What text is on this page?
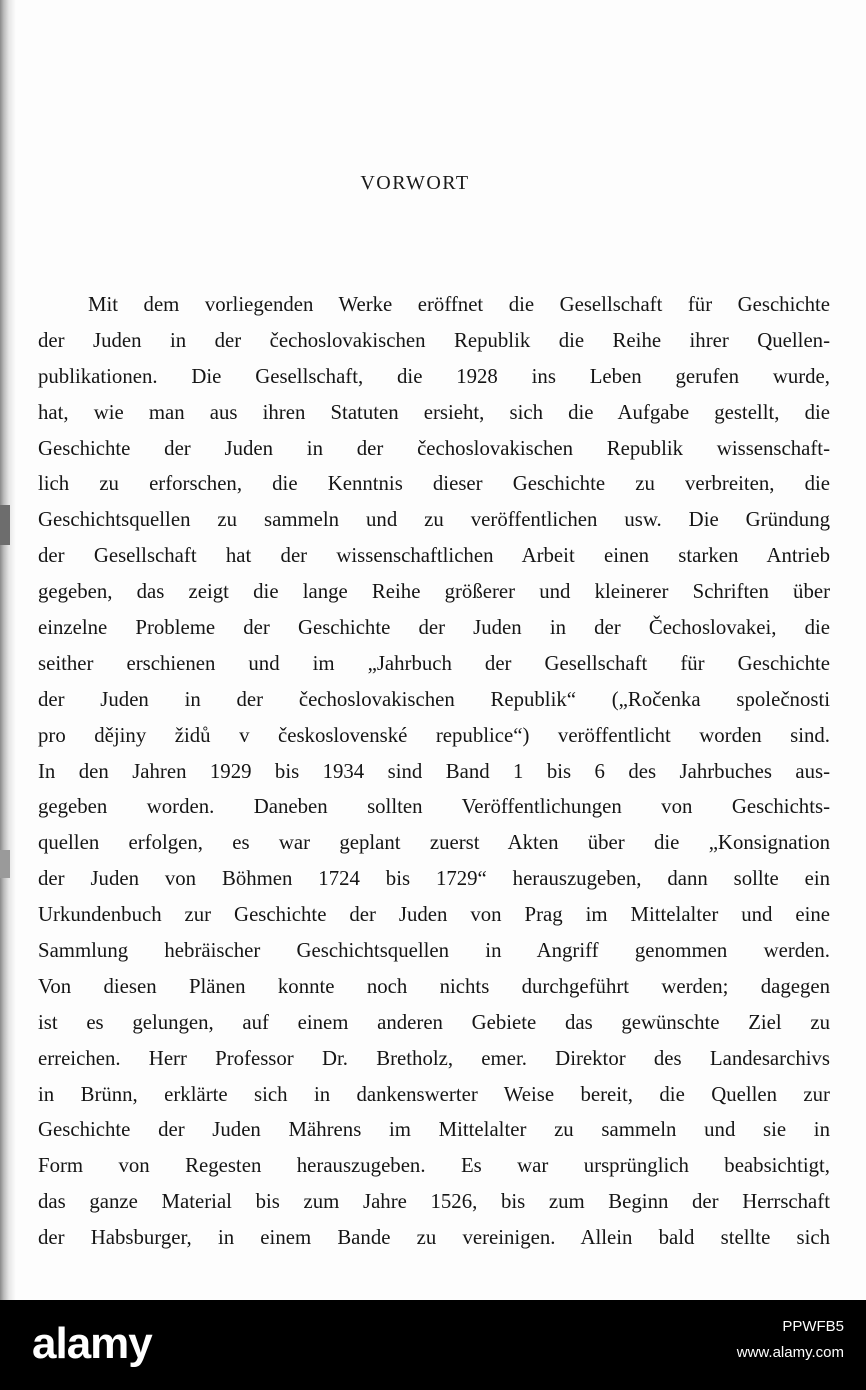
VORWORT
Mit dem vorliegenden Werke eröffnet die Gesellschaft für Geschichte
der Juden in der čechoslovakischen Republik die Reihe ihrer Quellen-
publikationen. Die Gesellschaft, die 1928 ins Leben gerufen wurde,
hat, wie man aus ihren Statuten ersieht, sich die Aufgabe gestellt, die
Geschichte der Juden in der čechoslovakischen Republik wissenschaft-
lich zu erforschen, die Kenntnis dieser Geschichte zu verbreiten, die
Geschichtsquellen zu sammeln und zu veröffentlichen usw. Die Gründung
der Gesellschaft hat der wissenschaftlichen Arbeit einen starken Antrieb
gegeben, das zeigt die lange Reihe größerer und kleinerer Schriften über
einzelne Probleme der Geschichte der Juden in der Čechoslovakei, die
seither erschienen und im „Jahrbuch der Gesellschaft für Geschichte
der Juden in der čechoslovakischen Republik“ („Ročenka společnosti
pro dějiny židů v československé republice“) veröffentlicht worden sind.
In den Jahren 1929 bis 1934 sind Band 1 bis 6 des Jahrbuches aus-
gegeben worden. Daneben sollten Veröffentlichungen von Geschichts-
quellen erfolgen, es war geplant zuerst Akten über die „Konsignation
der Juden von Böhmen 1724 bis 1729“ herauszugeben, dann sollte ein
Urkundenbuch zur Geschichte der Juden von Prag im Mittelalter und eine
Sammlung hebräischer Geschichtsquellen in Angriff genommen werden.
Von diesen Plänen konnte noch nichts durchgeführt werden; dagegen
ist es gelungen, auf einem anderen Gebiete das gewünschte Ziel zu
erreichen. Herr Professor Dr. Bretholz, emer. Direktor des Landesarchivs
in Brünn, erklärte sich in dankenswerter Weise bereit, die Quellen zur
Geschichte der Juden Mährens im Mittelalter zu sammeln und sie in
Form von Regesten herauszugeben. Es war ursprünglich beabsichtigt,
das ganze Material bis zum Jahre 1526, bis zum Beginn der Herrschaft
der Habsburger, in einem Bande zu vereinigen. Allein bald stellte sich
alamy	PPWFB5
www.alamy.com
